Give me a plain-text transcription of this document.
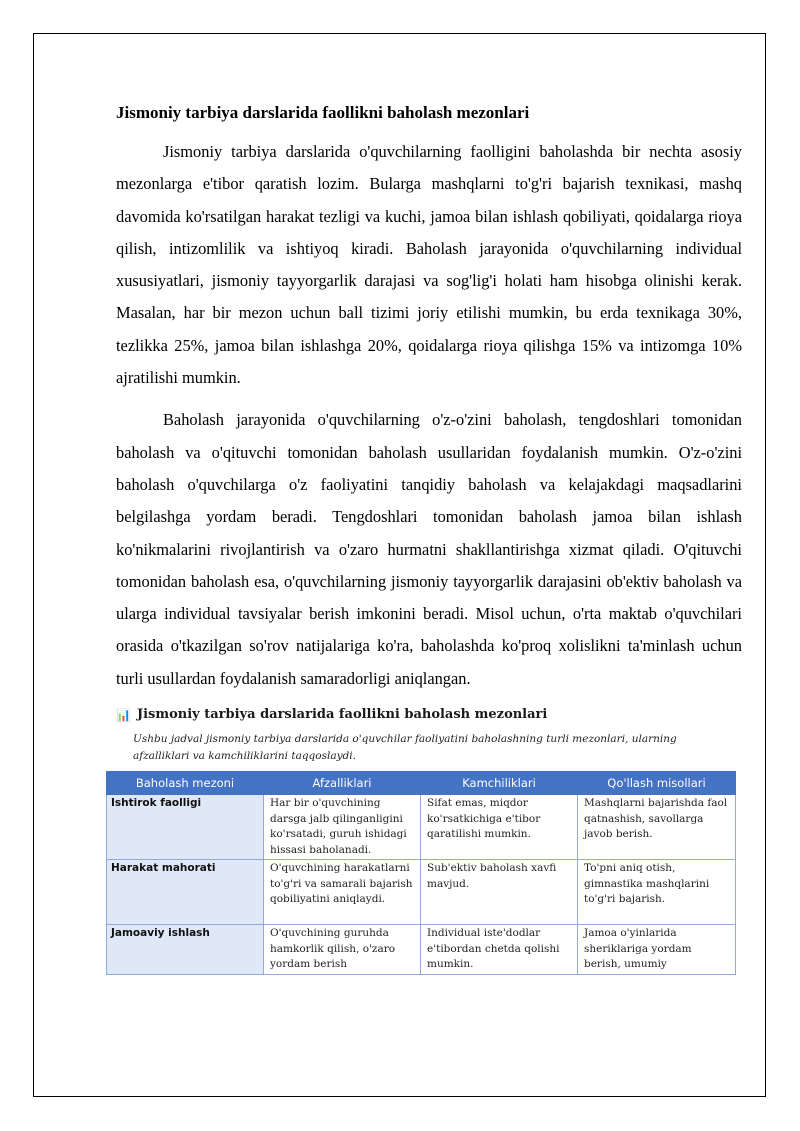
Jismoniy tarbiya darslarida faollikni baholash mezonlari

Jismoniy tarbiya darslarida o'quvchilarning faolligini baholashda bir nechta asosiy mezonlarga e'tibor qaratish lozim. Bularga mashqlarni to'g'ri bajarish texnikasi, mashq davomida ko'rsatilgan harakat tezligi va kuchi, jamoa bilan ishlash qobiliyati, qoidalarga rioya qilish, intizomlilik va ishtiyoq kiradi. Baholash jarayonida o'quvchilarning individual xususiyatlari, jismoniy tayyorgarlik darajasi va sog'lig'i holati ham hisobga olinishi kerak. Masalan, har bir mezon uchun ball tizimi joriy etilishi mumkin, bu erda texnikaga 30%, tezlikka 25%, jamoa bilan ishlashga 20%, qoidalarga rioya qilishga 15% va intizomga 10% ajratilishi mumkin.

Baholash jarayonida o'quvchilarning o'z-o'zini baholash, tengdoshlari tomonidan baholash va o'qituvchi tomonidan baholash usullaridan foydalanish mumkin. O'z-o'zini baholash o'quvchilarga o'z faoliyatini tanqidiy baholash va kelajakdagi maqsadlarini belgilashga yordam beradi. Tengdoshlari tomonidan baholash jamoa bilan ishlash ko'nikmalarini rivojlantirish va o'zaro hurmatni shakllantirishga xizmat qiladi. O'qituvchi tomonidan baholash esa, o'quvchilarning jismoniy tayyorgarlik darajasini ob'ektiv baholash va ularga individual tavsiyalar berish imkonini beradi. Misol uchun, o'rta maktab o'quvchilari orasida o'tkazilgan so'rov natijalariga ko'ra, baholashda ko'proq xolislikni ta'minlash uchun turli usullardan foydalanish samaradorligi aniqlangan.

📊 Jismoniy tarbiya darslarida faollikni baholash mezonlari
Ushbu jadval jismoniy tarbiya darslarida o'quvchilar faoliyatini baholashning turli mezonlari, ularning afzalliklari va kamchiliklarini taqqoslaydi.
Baholash mezoni	Afzalliklari	Kamchiliklari	Qo'llash misollari
Ishtirok faolligi	Har bir o'quvchining darsga jalb qilinganligini ko'rsatadi, guruh ishidagi hissasi baholanadi.	Sifat emas, miqdor ko'rsatkichiga e'tibor qaratilishi mumkin.	Mashqlarni bajarishda faol qatnashish, savollarga javob berish.
Harakat mahorati	O'quvchining harakatlarni to'g'ri va samarali bajarish qobiliyatini aniqlaydi.	Sub'ektiv baholash xavfi mavjud.	To'pni aniq otish, gimnastika mashqlarini to'g'ri bajarish.
Jamoaviy ishlash	O'quvchining guruhda hamkorlik qilish, o'zaro yordam berish	Individual iste'dodlar e'tibordan chetda qolishi mumkin.	Jamoa o'yinlarida sheriklariga yordam berish, umumiy
